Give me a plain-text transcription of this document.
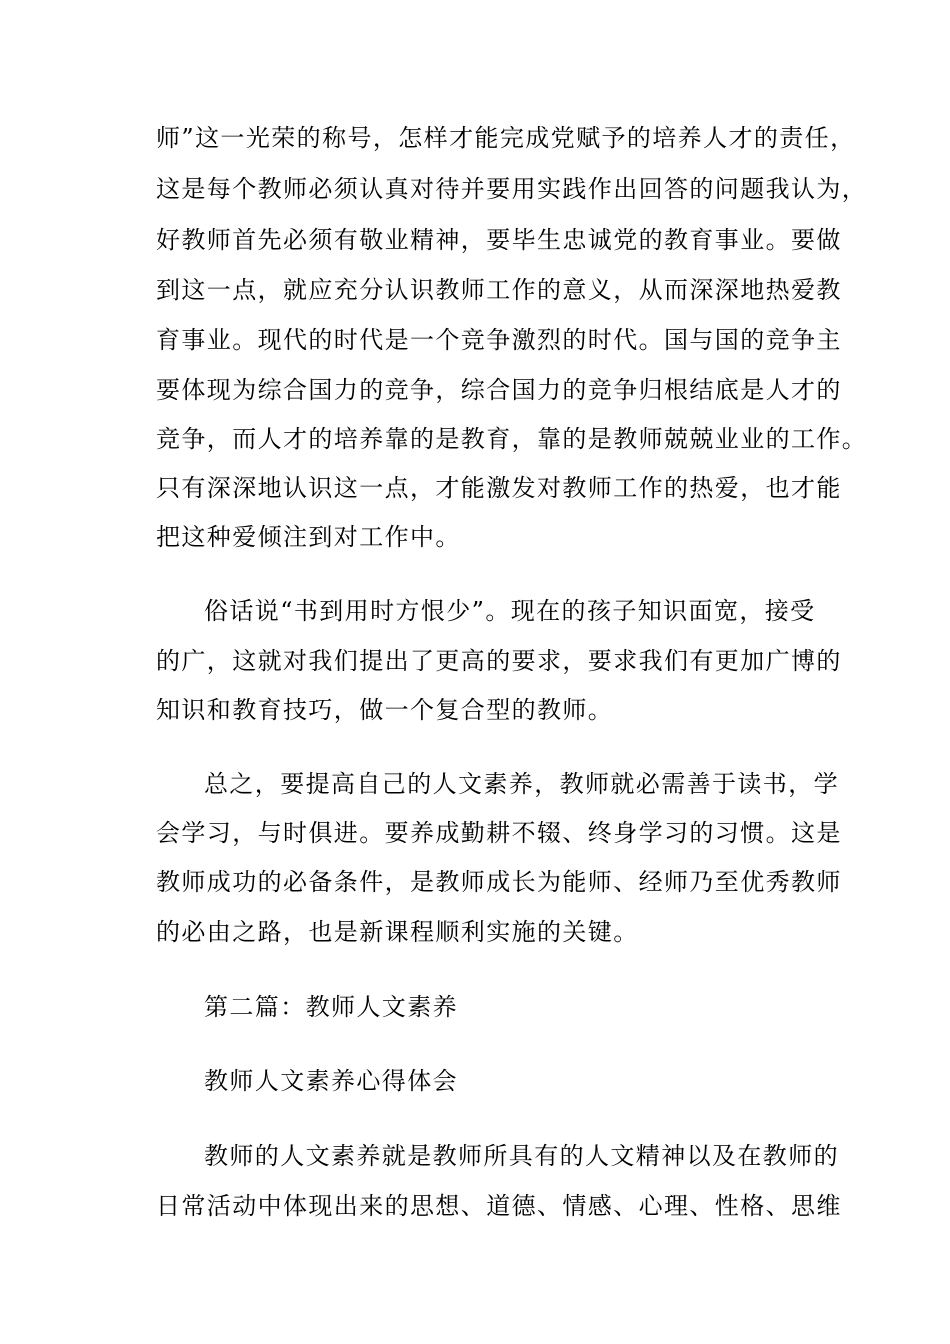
师”这一光荣的称号，怎样才能完成党赋予的培养人才的责任，
这是每个教师必须认真对待并要用实践作出回答的问题我认为，
好教师首先必须有敬业精神，要毕生忠诚党的教育事业。要做
到这一点，就应充分认识教师工作的意义，从而深深地热爱教
育事业。现代的时代是一个竞争激烈的时代。国与国的竞争主
要体现为综合国力的竞争，综合国力的竞争归根结底是人才的
竞争，而人才的培养靠的是教育，靠的是教师兢兢业业的工作。
只有深深地认识这一点，才能激发对教师工作的热爱，也才能
把这种爱倾注到对工作中。
俗话说“书到用时方恨少”。现在的孩子知识面宽，接受
的广，这就对我们提出了更高的要求，要求我们有更加广博的
知识和教育技巧，做一个复合型的教师。
总之，要提高自己的人文素养，教师就必需善于读书，学
会学习，与时俱进。要养成勤耕不辍、终身学习的习惯。这是
教师成功的必备条件，是教师成长为能师、经师乃至优秀教师
的必由之路，也是新课程顺利实施的关键。
第二篇：教师人文素养
教师人文素养心得体会
教师的人文素养就是教师所具有的人文精神以及在教师的
日常活动中体现出来的思想、道德、情感、心理、性格、思维
